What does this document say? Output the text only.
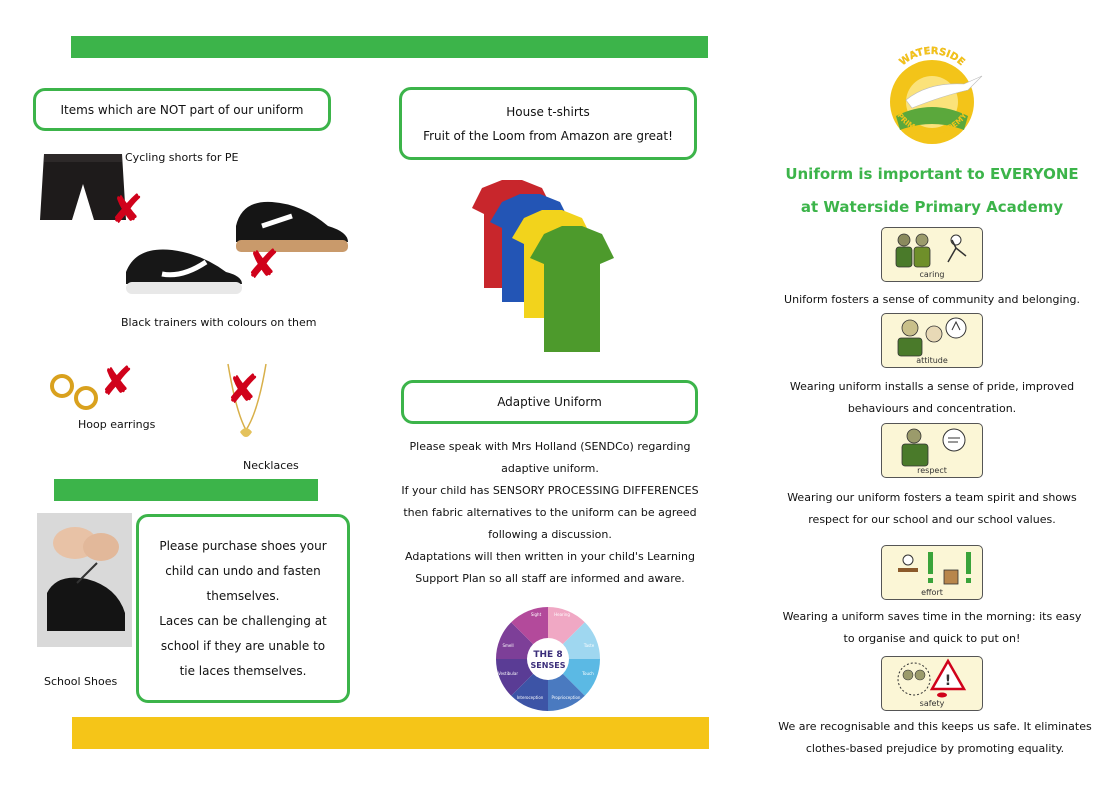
Items which are NOT part of our uniform
✘
Cycling shorts for PE
✘
Black trainers with colours on them
✘
Hoop earrings
✘
Necklaces
School Shoes
Please purchase shoes your
child can undo and fasten
themselves.
Laces can be challenging at
school if they are unable to
tie laces themselves.
House t-shirts
Fruit of the Loom from Amazon are great!
Adaptive Uniform
Please speak with Mrs Holland (SENDCo) regarding
adaptive uniform.
If your child has SENSORY PROCESSING DIFFERENCES
then fabric alternatives to the uniform can be agreed
following a discussion.
Adaptations will then written in your child's Learning
Support Plan so all staff are informed and aware.
THE 8
SENSES
Sight	Hearing
Taste
Touch
Proprioception
Interoception
Vestibular
Smell
WATERSIDE
PRIMARY ACADEMY
Uniform is important to EVERYONE
at Waterside Primary Academy
caring
Uniform fosters a sense of community and belonging.
attitude
Wearing uniform installs a sense of pride, improved
behaviours and concentration.
respect
Wearing our uniform fosters a team spirit and shows
respect for our school and our school values.
effort
Wearing a uniform saves time in the morning: its easy
to organise and quick to put on!
!
safety
We are recognisable and this keeps us safe. It eliminates
clothes-based prejudice by promoting equality.
